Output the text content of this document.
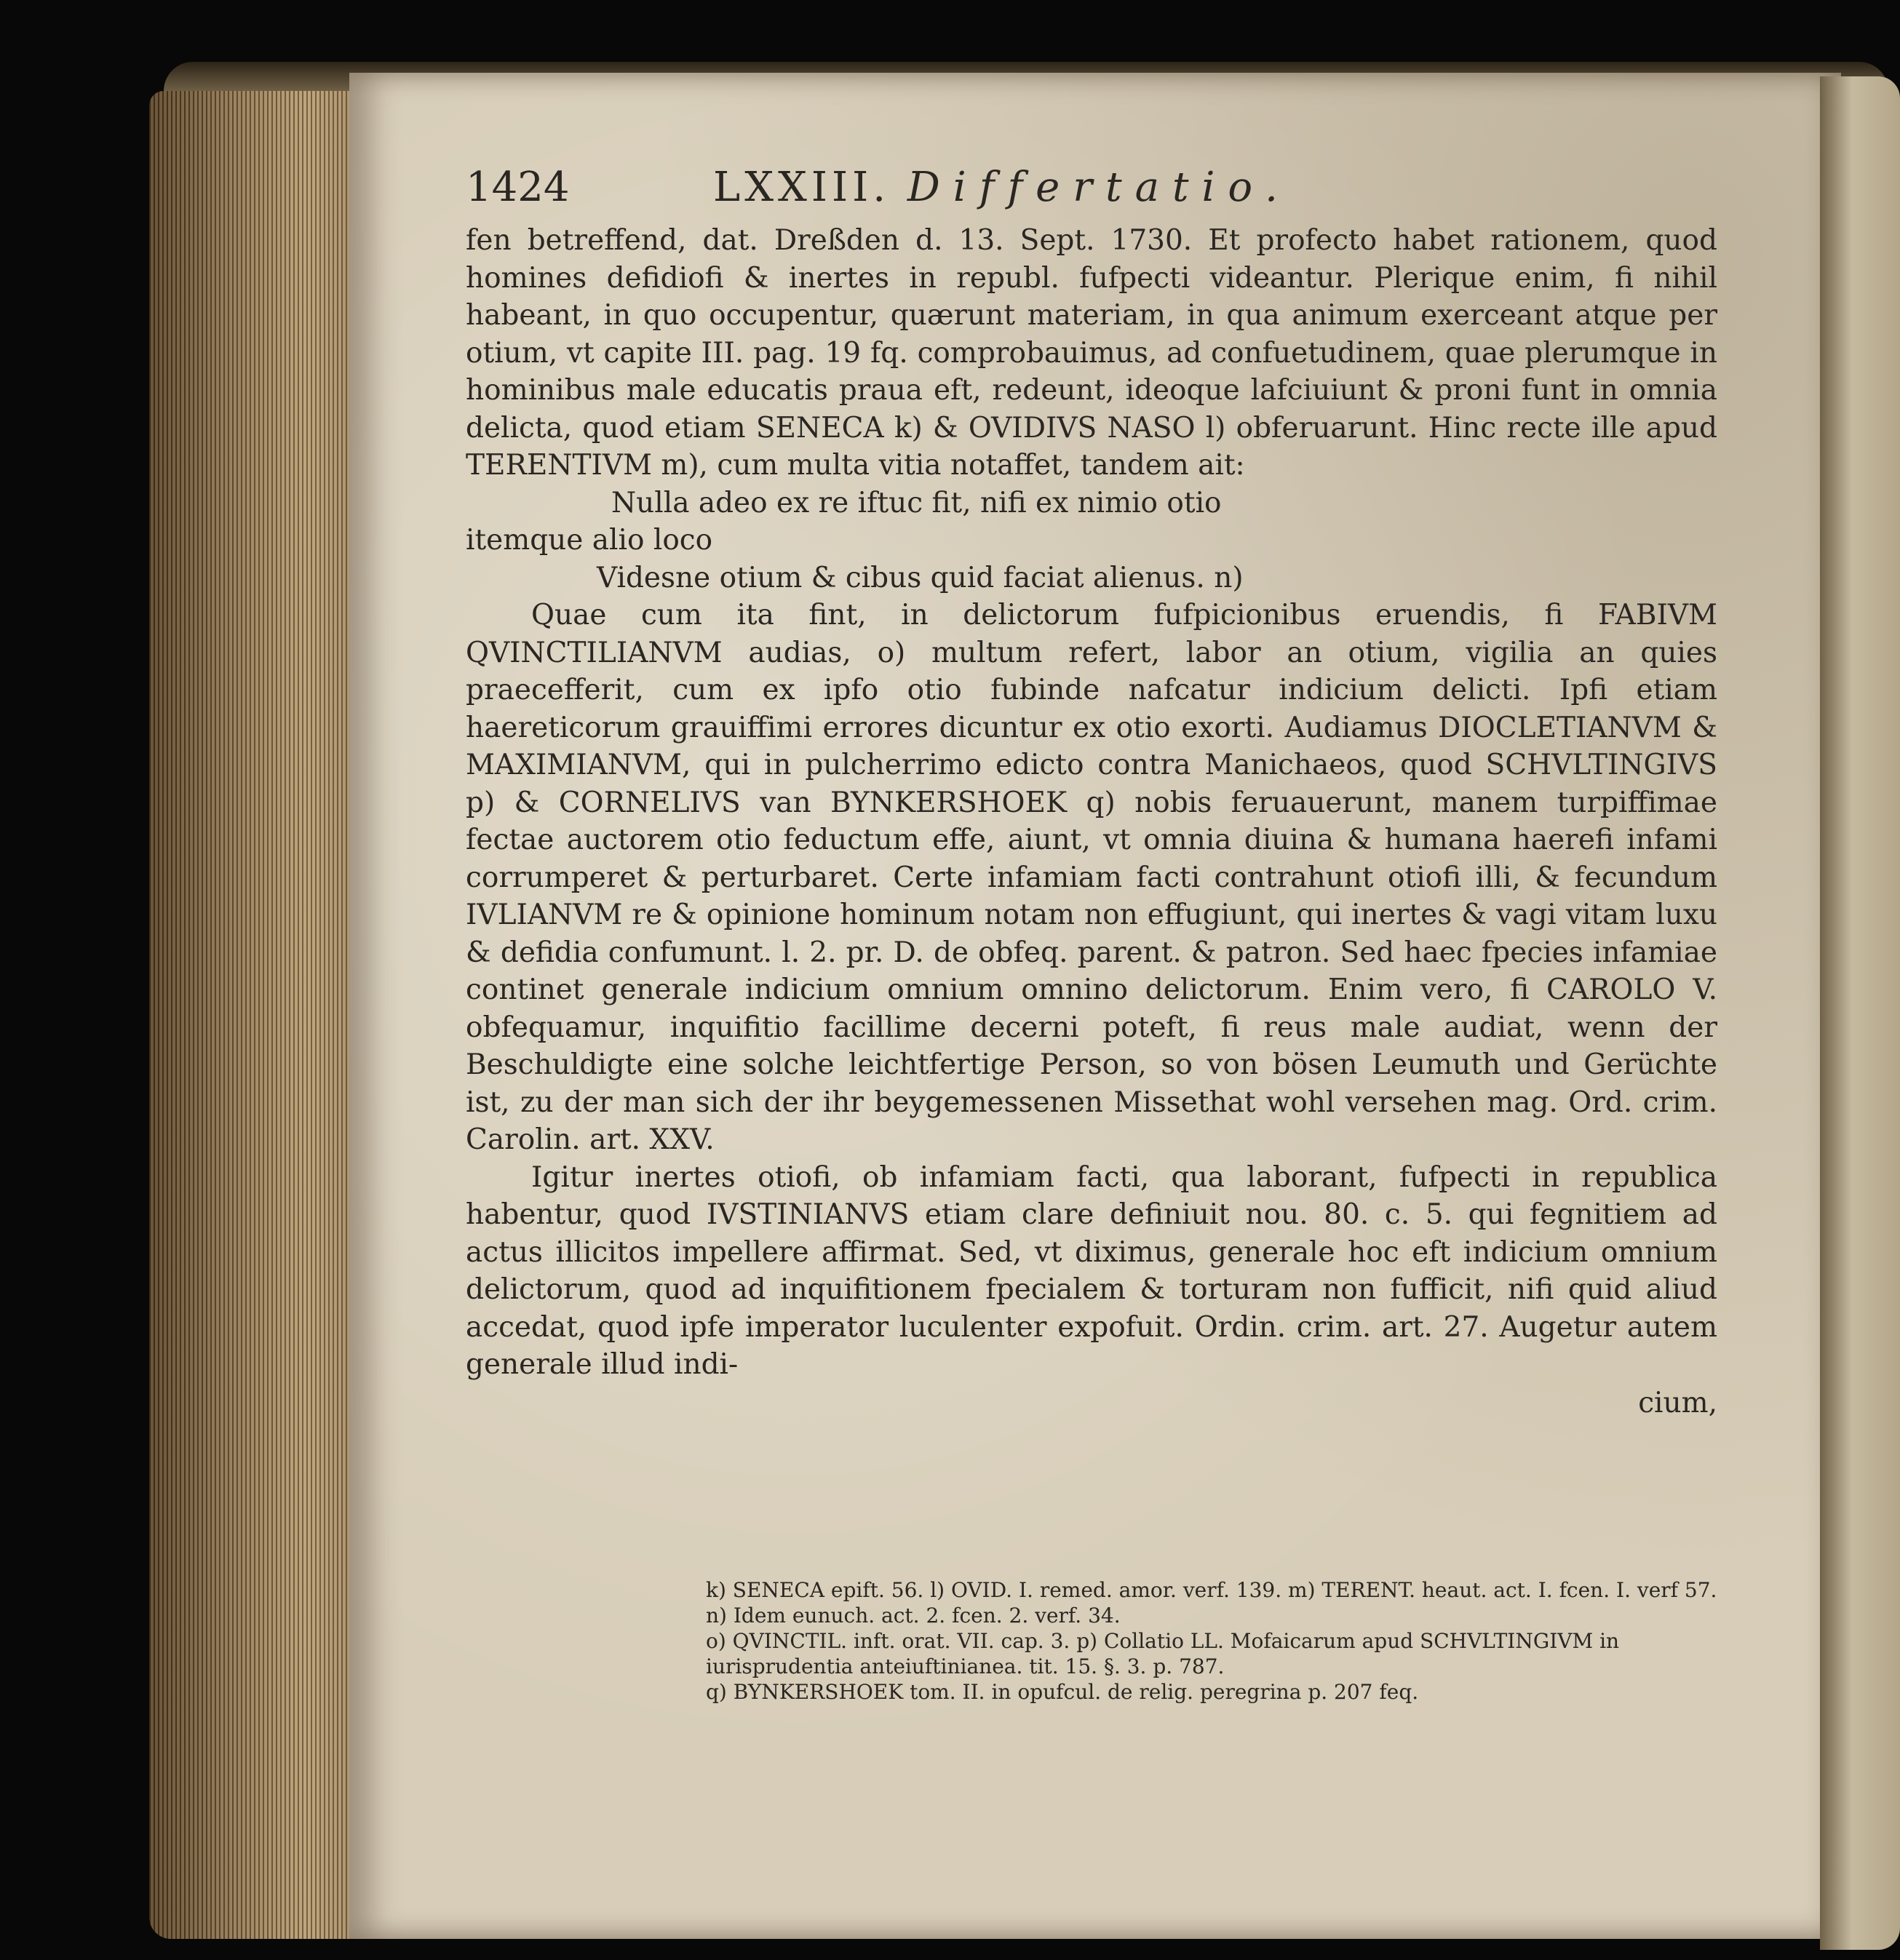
1424	LXXIII. Differtatio.

fen betreffend, dat. Dreßden d. 13. Sept. 1730. Et profecto habet rationem, quod homines defidiofi & inertes in republ. fufpecti videantur. Plerique enim, fi nihil habeant, in quo occupentur, quærunt materiam, in qua animum exerceant atque per otium, vt capite III. pag. 19 fq. comprobauimus, ad confuetudinem, quae plerumque in hominibus male educatis praua eft, redeunt, ideoque lafciuiunt & proni funt in omnia delicta, quod etiam SENECA k) & OVIDIVS NASO l) obferuarunt. Hinc recte ille apud TERENTIVM m), cum multa vitia notaffet, tandem ait:

Nulla adeo ex re iftuc fit, nifi ex nimio otio

itemque alio loco

Videsne otium & cibus quid faciat alienus. n)

Quae cum ita fint, in delictorum fufpicionibus eruendis, fi FABIVM QVINCTILIANVM audias, o) multum refert, labor an otium, vigilia an quies praecefferit, cum ex ipfo otio fubinde nafcatur indicium delicti. Ipfi etiam haereticorum grauiffimi errores dicuntur ex otio exorti. Audiamus DIOCLETIANVM & MAXIMIANVM, qui in pulcherrimo edicto contra Manichaeos, quod SCHVLTINGIVS p) & CORNELIVS van BYNKERSHOEK q) nobis feruauerunt, manem turpiffimae fectae auctorem otio feductum effe, aiunt, vt omnia diuina & humana haerefi infami corrumperet & perturbaret. Certe infamiam facti contrahunt otiofi illi, & fecundum IVLIANVM re & opinione hominum notam non effugiunt, qui inertes & vagi vitam luxu & defidia confumunt. l. 2. pr. D. de obfeq. parent. & patron. Sed haec fpecies infamiae continet generale indicium omnium omnino delictorum. Enim vero, fi CAROLO V. obfequamur, inquifitio facillime decerni poteft, fi reus male audiat, wenn der Beschuldigte eine solche leichtfertige Person, so von bösen Leumuth und Gerüchte ist, zu der man sich der ihr beygemessenen Missethat wohl versehen mag. Ord. crim. Carolin. art. XXV.

Igitur inertes otiofi, ob infamiam facti, qua laborant, fufpecti in republica habentur, quod IVSTINIANVS etiam clare definiuit nou. 80. c. 5. qui fegnitiem ad actus illicitos impellere affirmat. Sed, vt diximus, generale hoc eft indicium omnium delictorum, quod ad inquifitionem fpecialem & torturam non fufficit, nifi quid aliud accedat, quod ipfe imperator luculenter expofuit. Ordin. crim. art. 27. Augetur autem generale illud indi-

cium,

k) SENECA epift. 56. l) OVID. I. remed. amor. verf. 139. m) TERENT. heaut. act. I. fcen. I. verf 57. n) Idem eunuch. act. 2. fcen. 2. verf. 34.

o) QVINCTIL. inft. orat. VII. cap. 3. p) Collatio LL. Mofaicarum apud SCHVLTINGIVM in iurisprudentia anteiuftinianea. tit. 15. §. 3. p. 787.

q) BYNKERSHOEK tom. II. in opufcul. de relig. peregrina p. 207 feq.
